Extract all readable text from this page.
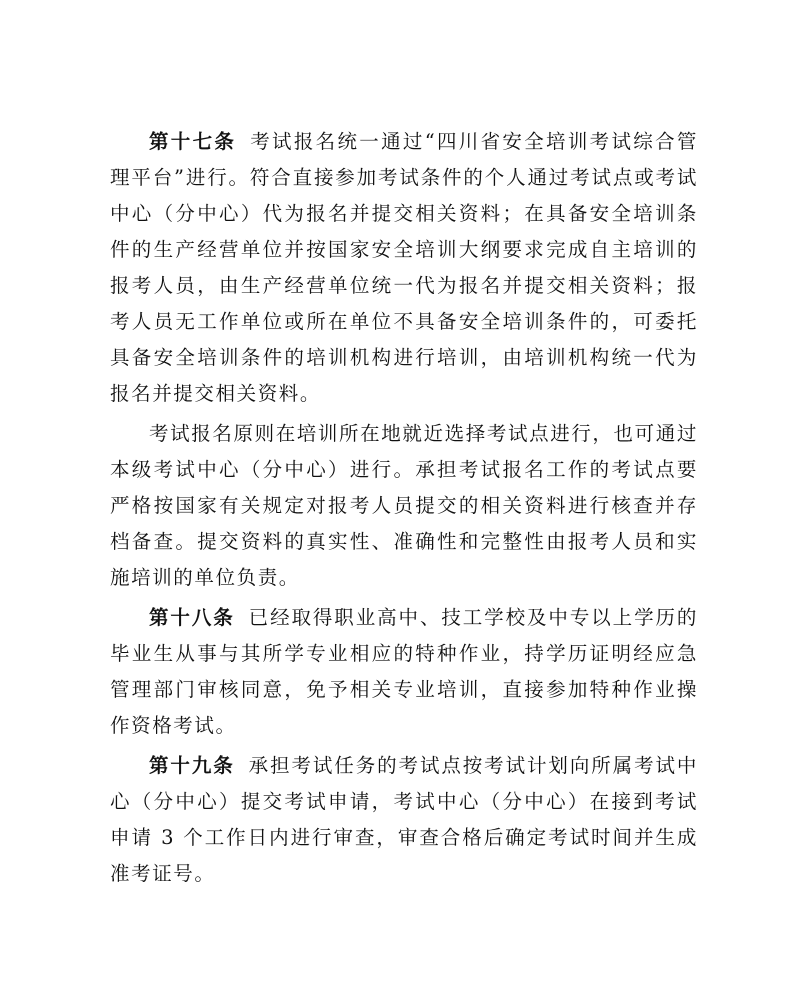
第十七条 考试报名统一通过“四川省安全培训考试综合管理平台”进行。符合直接参加考试条件的个人通过考试点或考试中心（分中心）代为报名并提交相关资料；在具备安全培训条件的生产经营单位并按国家安全培训大纲要求完成自主培训的报考人员，由生产经营单位统一代为报名并提交相关资料；报考人员无工作单位或所在单位不具备安全培训条件的，可委托具备安全培训条件的培训机构进行培训，由培训机构统一代为报名并提交相关资料。

考试报名原则在培训所在地就近选择考试点进行，也可通过本级考试中心（分中心）进行。承担考试报名工作的考试点要严格按国家有关规定对报考人员提交的相关资料进行核查并存档备查。提交资料的真实性、准确性和完整性由报考人员和实施培训的单位负责。

第十八条 已经取得职业高中、技工学校及中专以上学历的毕业生从事与其所学专业相应的特种作业，持学历证明经应急管理部门审核同意，免予相关专业培训，直接参加特种作业操作资格考试。

第十九条 承担考试任务的考试点按考试计划向所属考试中心（分中心）提交考试申请，考试中心（分中心）在接到考试申请 3 个工作日内进行审查，审查合格后确定考试时间并生成准考证号。
